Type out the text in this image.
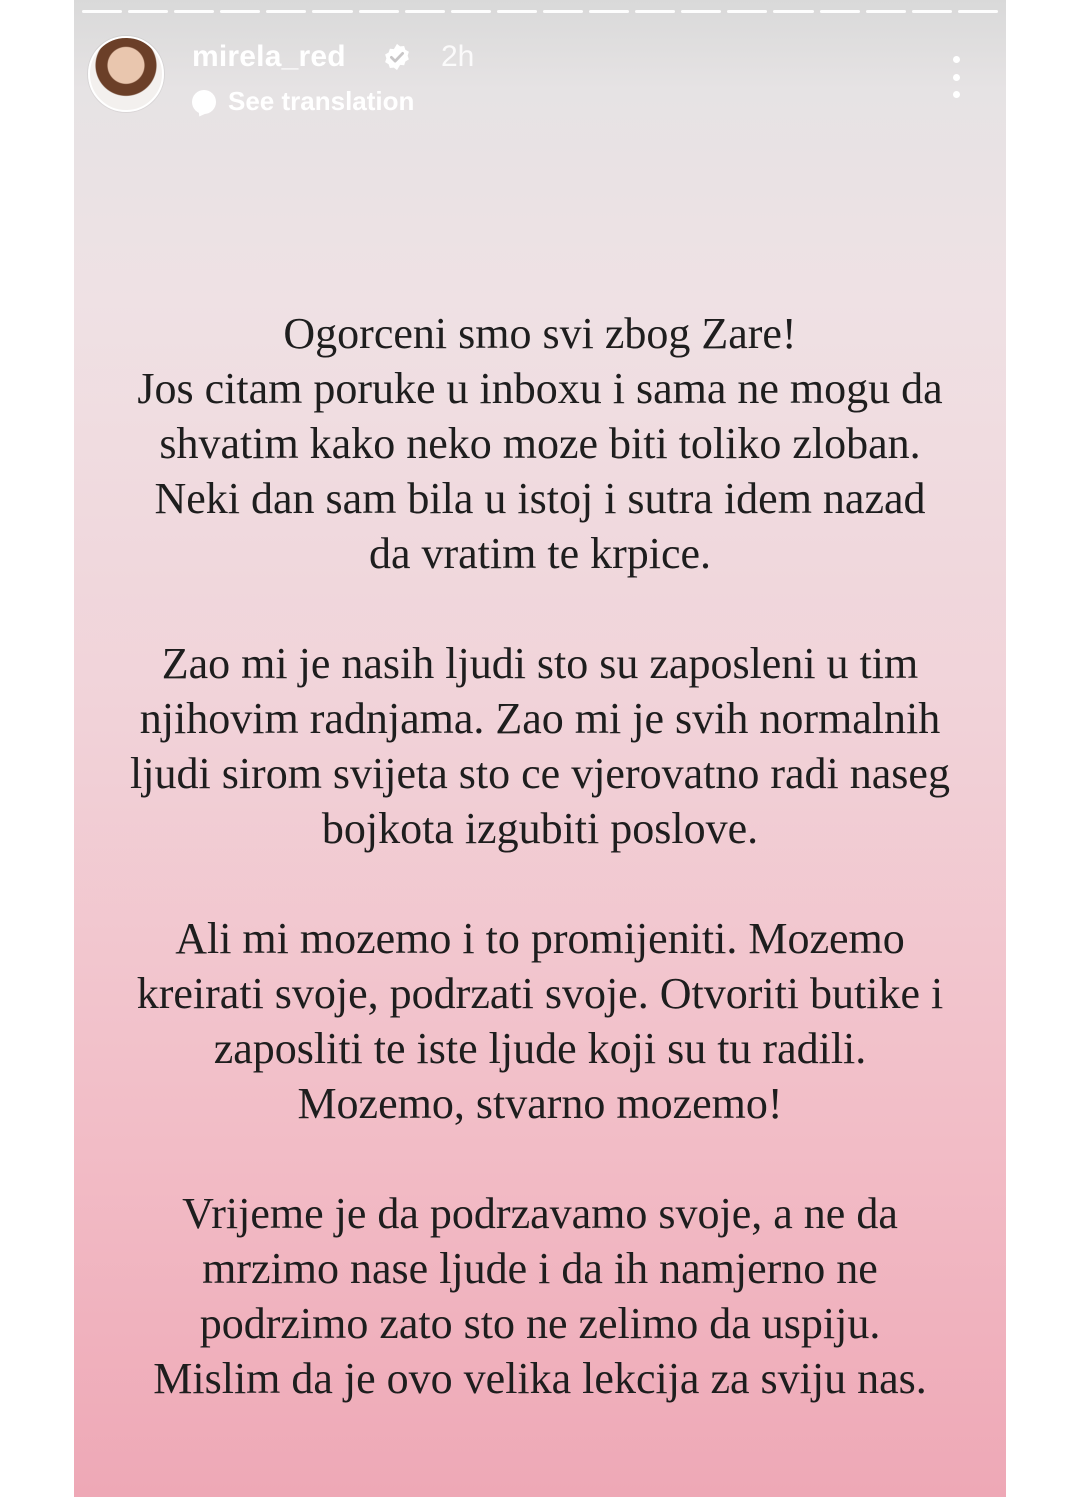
mirela_red	2h
See translation

Ogorceni smo svi zbog Zare!
Jos citam poruke u inboxu i sama ne mogu da
shvatim kako neko moze biti toliko zloban.
Neki dan sam bila u istoj i sutra idem nazad
da vratim te krpice.

Zao mi je nasih ljudi sto su zaposleni u tim
njihovim radnjama. Zao mi je svih normalnih
ljudi sirom svijeta sto ce vjerovatno radi naseg
bojkota izgubiti poslove.

Ali mi mozemo i to promijeniti. Mozemo
kreirati svoje, podrzati svoje. Otvoriti butike i
zaposliti te iste ljude koji su tu radili.
Mozemo, stvarno mozemo!

Vrijeme je da podrzavamo svoje, a ne da
mrzimo nase ljude i da ih namjerno ne
podrzimo zato sto ne zelimo da uspiju.
Mislim da je ovo velika lekcija za sviju nas.
